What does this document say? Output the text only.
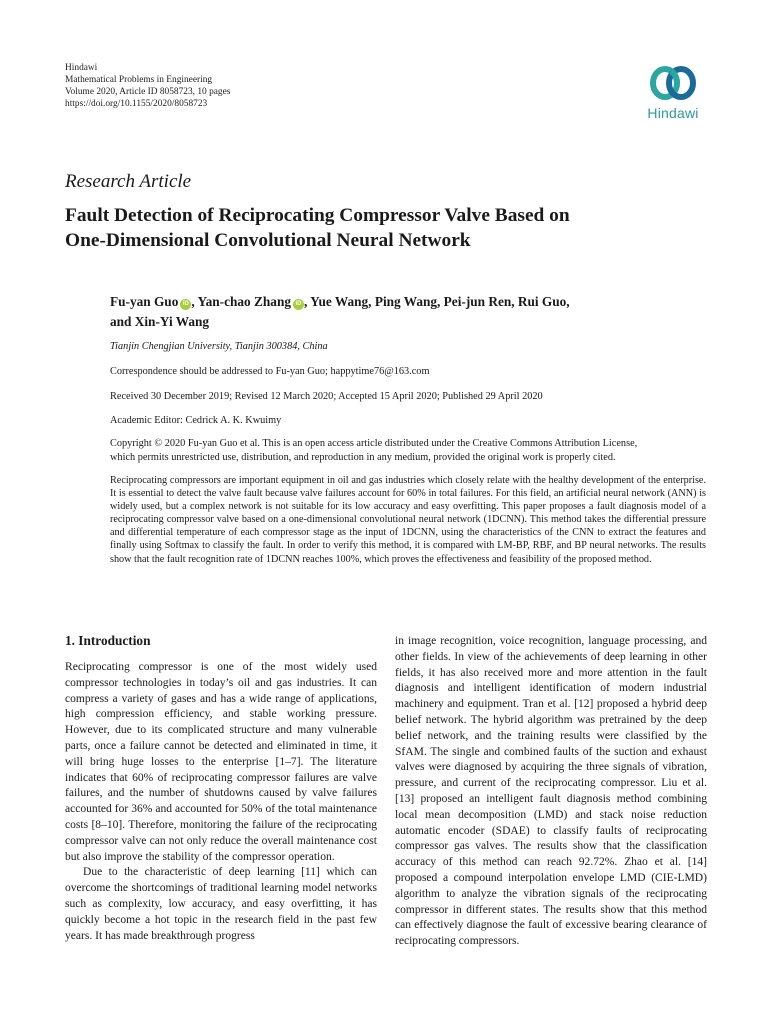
Hindawi
Mathematical Problems in Engineering
Volume 2020, Article ID 8058723, 10 pages
https://doi.org/10.1155/2020/8058723
Hindawi
Research Article
Fault Detection of Reciprocating Compressor Valve Based on
One-Dimensional Convolutional Neural Network
Fu-yan Guo iD , Yan-chao Zhang iD , Yue Wang, Ping Wang, Pei-jun Ren, Rui Guo,
and Xin-Yi Wang
Tianjin Chengjian University, Tianjin 300384, China
Correspondence should be addressed to Fu-yan Guo; happytime76@163.com
Received 30 December 2019; Revised 12 March 2020; Accepted 15 April 2020; Published 29 April 2020
Academic Editor: Cedrick A. K. Kwuimy
Copyright © 2020 Fu-yan Guo et al. This is an open access article distributed under the Creative Commons Attribution License,
which permits unrestricted use, distribution, and reproduction in any medium, provided the original work is properly cited.
Reciprocating compressors are important equipment in oil and gas industries which closely relate with the healthy development of the enterprise. It is essential to detect the valve fault because valve failures account for 60% in total failures. For this field, an artificial neural network (ANN) is widely used, but a complex network is not suitable for its low accuracy and easy overfitting. This paper proposes a fault diagnosis model of a reciprocating compressor valve based on a one-dimensional convolutional neural network (1DCNN). This method takes the differential pressure and differential temperature of each compressor stage as the input of 1DCNN, using the characteristics of the CNN to extract the features and finally using Softmax to classify the fault. In order to verify this method, it is compared with LM-BP, RBF, and BP neural networks. The results show that the fault recognition rate of 1DCNN reaches 100%, which proves the effectiveness and feasibility of the proposed method.
1. Introduction

Reciprocating compressor is one of the most widely used compressor technologies in today’s oil and gas industries. It can compress a variety of gases and has a wide range of applications, high compression efficiency, and stable working pressure. However, due to its complicated structure and many vulnerable parts, once a failure cannot be detected and eliminated in time, it will bring huge losses to the enterprise [1–7]. The literature indicates that 60% of reciprocating compressor failures are valve failures, and the number of shutdowns caused by valve failures accounted for 36% and accounted for 50% of the total maintenance costs [8–10]. Therefore, monitoring the failure of the reciprocating compressor valve can not only reduce the overall maintenance cost but also improve the stability of the compressor operation.

Due to the characteristic of deep learning [11] which can overcome the shortcomings of traditional learning model networks such as complexity, low accuracy, and easy overfitting, it has quickly become a hot topic in the research field in the past few years. It has made breakthrough progress

in image recognition, voice recognition, language processing, and other fields. In view of the achievements of deep learning in other fields, it has also received more and more attention in the fault diagnosis and intelligent identification of modern industrial machinery and equipment. Tran et al. [12] proposed a hybrid deep belief network. The hybrid algorithm was pretrained by the deep belief network, and the training results were classified by the SfAM. The single and combined faults of the suction and exhaust valves were diagnosed by acquiring the three signals of vibration, pressure, and current of the reciprocating compressor. Liu et al. [13] proposed an intelligent fault diagnosis method combining local mean decomposition (LMD) and stack noise reduction automatic encoder (SDAE) to classify faults of reciprocating compressor gas valves. The results show that the classification accuracy of this method can reach 92.72%. Zhao et al. [14] proposed a compound interpolation envelope LMD (CIE-LMD) algorithm to analyze the vibration signals of the reciprocating compressor in different states. The results show that this method can effectively diagnose the fault of excessive bearing clearance of reciprocating compressors.
